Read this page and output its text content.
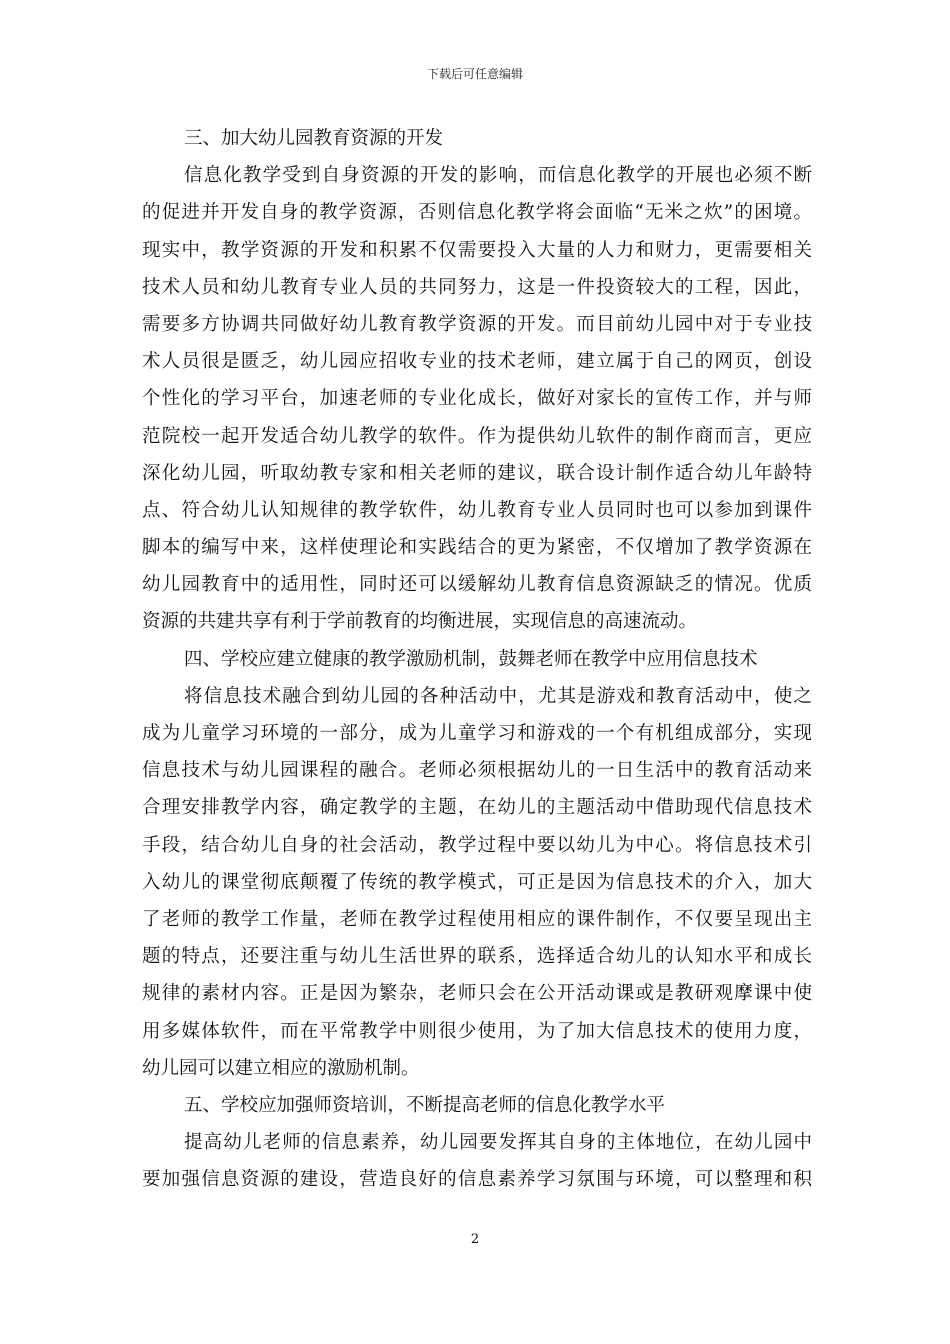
下载后可任意编辑
三、加大幼儿园教育资源的开发
信息化教学受到自身资源的开发的影响，而信息化教学的开展也必须不断
的促进并开发自身的教学资源，否则信息化教学将会面临“无米之炊”的困境。
现实中，教学资源的开发和积累不仅需要投入大量的人力和财力，更需要相关
技术人员和幼儿教育专业人员的共同努力，这是一件投资较大的工程，因此，
需要多方协调共同做好幼儿教育教学资源的开发。而目前幼儿园中对于专业技
术人员很是匮乏，幼儿园应招收专业的技术老师，建立属于自己的网页，创设
个性化的学习平台，加速老师的专业化成长，做好对家长的宣传工作，并与师
范院校一起开发适合幼儿教学的软件。作为提供幼儿软件的制作商而言，更应
深化幼儿园，听取幼教专家和相关老师的建议，联合设计制作适合幼儿年龄特
点、符合幼儿认知规律的教学软件，幼儿教育专业人员同时也可以参加到课件
脚本的编写中来，这样使理论和实践结合的更为紧密，不仅增加了教学资源在
幼儿园教育中的适用性，同时还可以缓解幼儿教育信息资源缺乏的情况。优质
资源的共建共享有利于学前教育的均衡进展，实现信息的高速流动。
四、学校应建立健康的教学激励机制，鼓舞老师在教学中应用信息技术
将信息技术融合到幼儿园的各种活动中，尤其是游戏和教育活动中，使之
成为儿童学习环境的一部分，成为儿童学习和游戏的一个有机组成部分，实现
信息技术与幼儿园课程的融合。老师必须根据幼儿的一日生活中的教育活动来
合理安排教学内容，确定教学的主题，在幼儿的主题活动中借助现代信息技术
手段，结合幼儿自身的社会活动，教学过程中要以幼儿为中心。将信息技术引
入幼儿的课堂彻底颠覆了传统的教学模式，可正是因为信息技术的介入，加大
了老师的教学工作量，老师在教学过程使用相应的课件制作，不仅要呈现出主
题的特点，还要注重与幼儿生活世界的联系，选择适合幼儿的认知水平和成长
规律的素材内容。正是因为繁杂，老师只会在公开活动课或是教研观摩课中使
用多媒体软件，而在平常教学中则很少使用，为了加大信息技术的使用力度，
幼儿园可以建立相应的激励机制。
五、学校应加强师资培训，不断提高老师的信息化教学水平
提高幼儿老师的信息素养，幼儿园要发挥其自身的主体地位，在幼儿园中
要加强信息资源的建设，营造良好的信息素养学习氛围与环境，可以整理和积
2
